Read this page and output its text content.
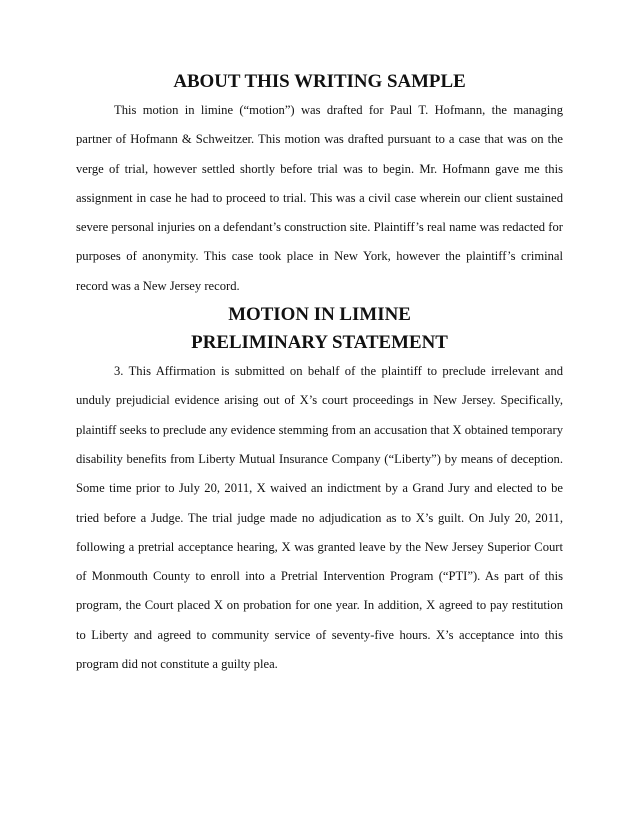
ABOUT THIS WRITING SAMPLE

This motion in limine (“motion”) was drafted for Paul T. Hofmann, the managing partner of Hofmann & Schweitzer. This motion was drafted pursuant to a case that was on the verge of trial, however settled shortly before trial was to begin. Mr. Hofmann gave me this assignment in case he had to proceed to trial. This was a civil case wherein our client sustained severe personal injuries on a defendant’s construction site. Plaintiff’s real name was redacted for purposes of anonymity. This case took place in New York, however the plaintiff’s criminal record was a New Jersey record.

MOTION IN LIMINE
PRELIMINARY STATEMENT

3. This Affirmation is submitted on behalf of the plaintiff to preclude irrelevant and unduly prejudicial evidence arising out of X’s court proceedings in New Jersey. Specifically, plaintiff seeks to preclude any evidence stemming from an accusation that X obtained temporary disability benefits from Liberty Mutual Insurance Company (“Liberty”) by means of deception. Some time prior to July 20, 2011, X waived an indictment by a Grand Jury and elected to be tried before a Judge. The trial judge made no adjudication as to X’s guilt. On July 20, 2011, following a pretrial acceptance hearing, X was granted leave by the New Jersey Superior Court of Monmouth County to enroll into a Pretrial Intervention Program (“PTI”). As part of this program, the Court placed X on probation for one year. In addition, X agreed to pay restitution to Liberty and agreed to community service of seventy-five hours. X’s acceptance into this program did not constitute a guilty plea.
